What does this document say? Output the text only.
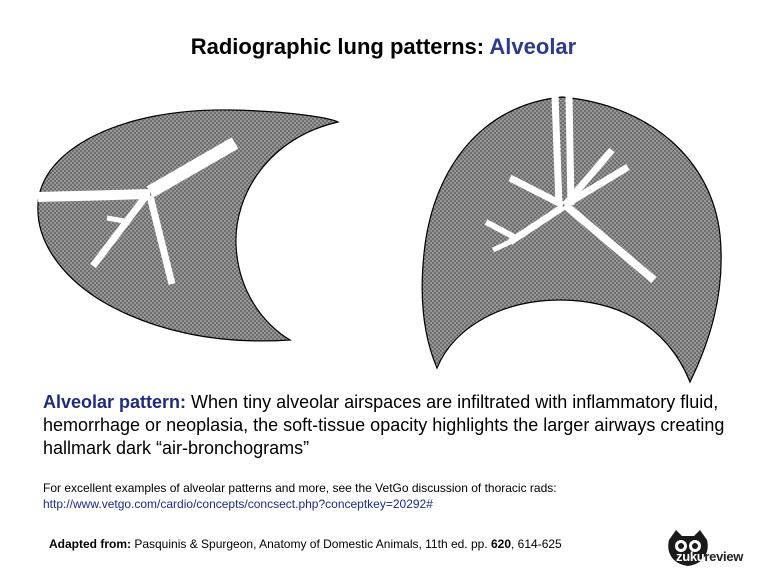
Radiographic lung patterns: Alveolar
Alveolar pattern: When tiny alveolar airspaces are infiltrated with inflammatory fluid, hemorrhage or neoplasia, the soft-tissue opacity highlights the larger airways creating hallmark dark “air-bronchograms”
For excellent examples of alveolar patterns and more, see the VetGo discussion of thoracic rads:
http://www.vetgo.com/cardio/concepts/concsect.php?conceptkey=20292#
Adapted from: Pasquinis & Spurgeon, Anatomy of Domestic Animals, 11th ed. pp. 620, 614-625
zukureview
